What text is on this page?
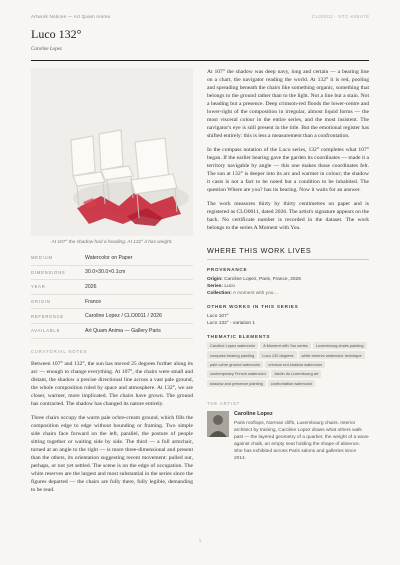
Artwork Notices — Art Quam Anima	CLO0011 · NTC-K65U78
Luco 132°
Caroline Lopez
At 107° the shadow had a heading. At 132° it has weight.
MEDIUM	Watercolor on Paper
DIMENSIONS	30.0×30.0×0.1cm
YEAR	2026
ORIGIN	France
REFERENCE	Caroline Lopez / CLO0011 / 2026
AVAILABLE	Art Quam Anima — Gallery Paris
CURATORIAL NOTES

Between 107° and 132°, the sun has moved 25 degrees further along its arc — enough to change everything. At 107°, the chairs were small and distant, the shadow a precise directional line across a vast pale ground, the whole composition ruled by space and atmosphere. At 132°, we are closer, warmer, more implicated. The chairs have grown. The ground has contracted. The shadow has changed its nature entirely.

Three chairs occupy the warm pale ochre-cream ground, which fills the composition edge to edge without bounding or framing. Two simple side chairs face forward on the left, parallel, the posture of people sitting together or waiting side by side. The third — a full armchair, turned at an angle to the right — is more three-dimensional and present than the others, its orientation suggesting recent movement: pulled out, perhaps, or not yet settled. The scene is on the edge of occupation. The white reserves are the largest and most substantial in the series since the figures departed — the chairs are fully there, fully legible, demanding to be read.

At 107° the shadow was deep navy, long and certain — a bearing line on a chart, the navigator reading the world. At 132° it is red, pooling and spreading beneath the chairs like something organic, something that belongs to the ground rather than to the light. Not a line but a stain. Not a heading but a presence. Deep crimson-red floods the lower-centre and lower-right of the composition in irregular, almost liquid forms — the most visceral colour in the entire series, and the most insistent. The navigator's eye is still present in the title. But the emotional register has shifted entirely: this is less a measurement than a confrontation.

In the compass notation of the Luco series, 132° completes what 107° began. If the earlier bearing gave the garden its coordinates — made it a territory navigable by angle — this one makes those coordinates felt. The sun at 132° is deeper into its arc and warmer in colour; the shadow it casts is not a fact to be noted but a condition to be inhabited. The question Where are you? has its bearing. Now it waits for an answer.

The work measures thirty by thirty centimetres on paper and is registered as CLO0011, dated 2026. The artist's signature appears on the back. No certificate number is recorded in the dataset. The work belongs to the series A Moment with You.

WHERE THIS WORK LIVES
PROVENANCE
Origin: Caroline Lopez, Paris, France, 2026
Series: Luco
Collection: A moment with you…
OTHER WORKS IN THIS SERIES
Luco 107°
Luco 132° - variation 1
THEMATIC ELEMENTS
Caroline Lopez watercolor	A Moment with You series	Luxembourg chairs painting
compass bearing painting	Luco 132 degrees	white reserve watercolor technique
pale ochre ground watercolor	crimson red shadow watercolor
contemporary French watercolor	Jardin du Luxembourg art
shadow and presence painting	confrontation watercolor
THE ARTIST
Caroline Lopez
Paris rooftops, Norman cliffs, Luxembourg chairs. Interior architect by training, Caroline Lopez draws what others walk past — the layered geometry of a quartier, the weight of a wave against chalk, an empty seat holding the shape of absence. She has exhibited across Paris salons and galleries since 2014.
1
